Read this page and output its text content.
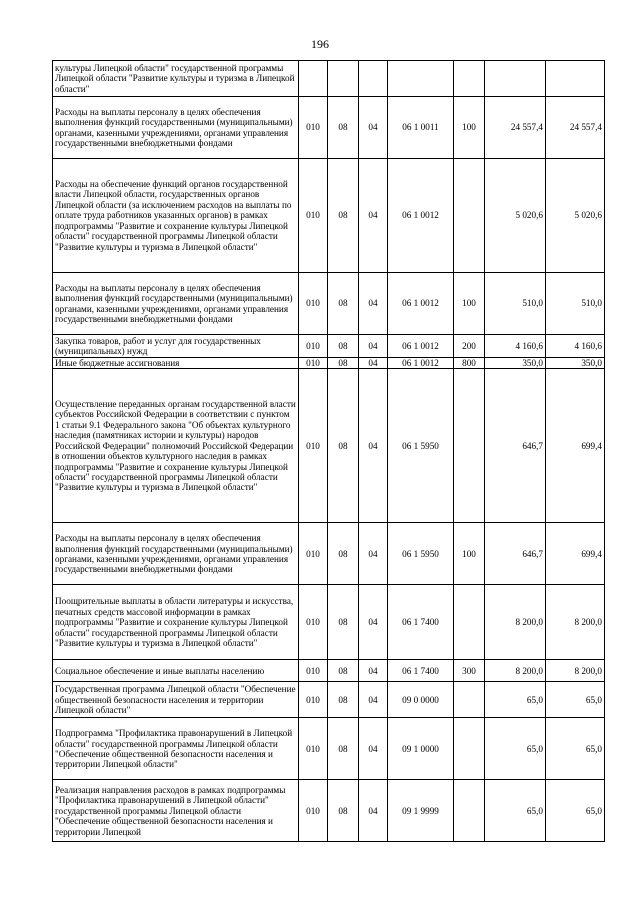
196
культуры Липецкой области" государственной программы Липецкой области "Развитие культуры и туризма в Липецкой области"							
Расходы на выплаты персоналу в целях обеспечения выполнения функций государственными (муниципальными) органами, казенными учреждениями, органами управления государственными внебюджетными фондами	010	08	04	06 1 0011	100	24 557,4	24 557,4
Расходы на обеспечение функций органов государственной власти Липецкой области, государственных органов Липецкой области (за исключением расходов на выплаты по оплате труда работников указанных органов) в рамках подпрограммы "Развитие и сохранение культуры Липецкой области" государственной программы Липецкой области "Развитие культуры и туризма в Липецкой области"	010	08	04	06 1 0012		5 020,6	5 020,6
Расходы на выплаты персоналу в целях обеспечения выполнения функций государственными (муниципальными) органами, казенными учреждениями, органами управления государственными внебюджетными фондами	010	08	04	06 1 0012	100	510,0	510,0
Закупка товаров, работ и услуг для государственных (муниципальных) нужд	010	08	04	06 1 0012	200	4 160,6	4 160,6
Иные бюджетные ассигнования	010	08	04	06 1 0012	800	350,0	350,0
Осуществление переданных органам государственной власти субъектов Российской Федерации в соответствии с пунктом 1 статьи 9.1 Федерального закона "Об объектах культурного наследия (памятниках истории и культуры) народов Российской Федерации" полномочий Российской Федерации в отношении объектов культурного наследия в рамках подпрограммы "Развитие и сохранение культуры Липецкой области" государственной программы Липецкой области "Развитие культуры и туризма в Липецкой области"	010	08	04	06 1 5950		646,7	699,4
Расходы на выплаты персоналу в целях обеспечения выполнения функций государственными (муниципальными) органами, казенными учреждениями, органами управления государственными внебюджетными фондами	010	08	04	06 1 5950	100	646,7	699,4
Поощрительные выплаты в области литературы и искусства, печатных средств массовой информации в рамках подпрограммы "Развитие и сохранение культуры Липецкой области" государственной программы Липецкой области "Развитие культуры и туризма в Липецкой области"	010	08	04	06 1 7400		8 200,0	8 200,0
Социальное обеспечение и иные выплаты населению	010	08	04	06 1 7400	300	8 200,0	8 200,0
Государственная программа Липецкой области "Обеспечение общественной безопасности населения и территории Липецкой области"	010	08	04	09 0 0000		65,0	65,0
Подпрограмма "Профилактика правонарушений в Липецкой области" государственной программы Липецкой области "Обеспечение общественной безопасности населения и территории Липецкой области"	010	08	04	09 1 0000		65,0	65,0
Реализация направления расходов в рамках подпрограммы "Профилактика правонарушений в Липецкой области" государственной программы Липецкой области "Обеспечение общественной безопасности населения и территории Липецкой	010	08	04	09 1 9999		65,0	65,0
